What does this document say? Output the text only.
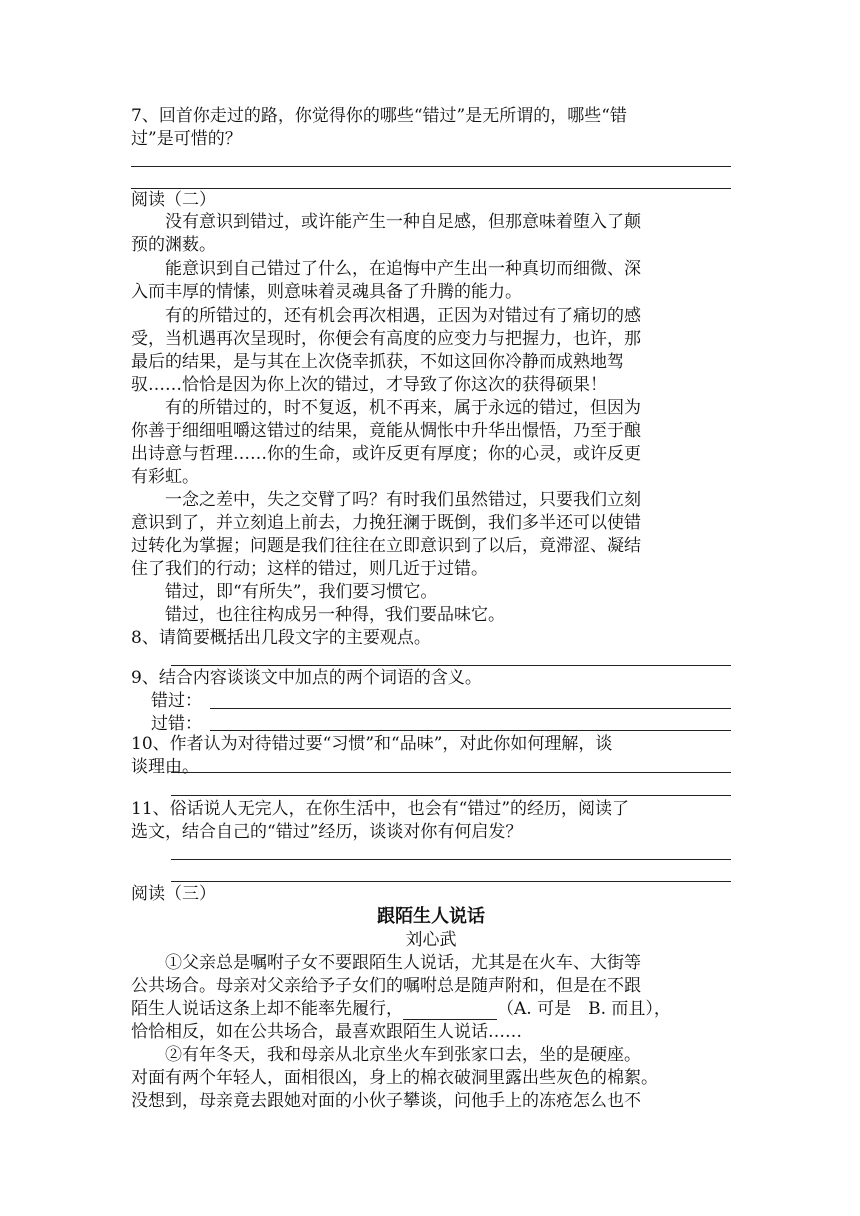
7、回首你走过的路，你觉得你的哪些“错过”是无所谓的，哪些“错
过”是可惜的？
阅读（二）
　　没有意识到错过，或许能产生一种自足感，但那意味着堕入了颠
预的渊薮。
　　能意识到自己错过了什么，在追悔中产生出一种真切而细微、深
入而丰厚的情愫，则意味着灵魂具备了升腾的能力。
　　有的所错过的，还有机会再次相遇，正因为对错过有了痛切的感
受，当机遇再次呈现时，你便会有高度的应变力与把握力，也许，那
最后的结果，是与其在上次侥幸抓获，不如这回你冷静而成熟地驾
驭……恰恰是因为你上次的错过，才导致了你这次的获得硕果！
　　有的所错过的，时不复返，机不再来，属于永远的错过，但因为
你善于细细咀嚼这错过的结果，竟能从惆怅中升华出憬悟，乃至于酿
出诗意与哲理……你的生命，或许反更有厚度；你的心灵，或许反更
有彩虹。
　　一念之差中，失之交臂了吗？有时我们虽然错过，只要我们立刻
意识到了，并立刻追上前去，力挽狂澜于既倒，我们多半还可以使错
过转化为掌握；问题是我们往往在立即意识到了以后，竟滞涩、凝结
住了我们的行动；这样的错过，则几近于过错。
　　错过，即“有所失”，我们要习惯它。
　　错过，也往往构成另一种得，我们要品味它。
8、请简要概括出几段文字的主要观点。
9、结合内容谈谈文中加点的两个词语的含义。
错过：
过错：
10、作者认为对待错过要“习惯”和“品味”，对此你如何理解，谈
谈理由。
11、俗话说人无完人，在你生活中，也会有“错过”的经历，阅读了
选文，结合自己的“错过”经历，谈谈对你有何启发？
阅读（三）
跟陌生人说话
刘心武
　　①父亲总是嘱咐子女不要跟陌生人说话，尤其是在火车、大街等
公共场合。母亲对父亲给予子女们的嘱咐总是随声附和，但是在不跟
陌生人说话这条上却不能率先履行，	（A. 可是　B. 而且），
恰恰相反，如在公共场合，最喜欢跟陌生人说话……
　　②有年冬天，我和母亲从北京坐火车到张家口去，坐的是硬座。
对面有两个年轻人，面相很凶，身上的棉衣破洞里露出些灰色的棉絮。
没想到，母亲竟去跟她对面的小伙子攀谈，问他手上的冻疮怎么也不
